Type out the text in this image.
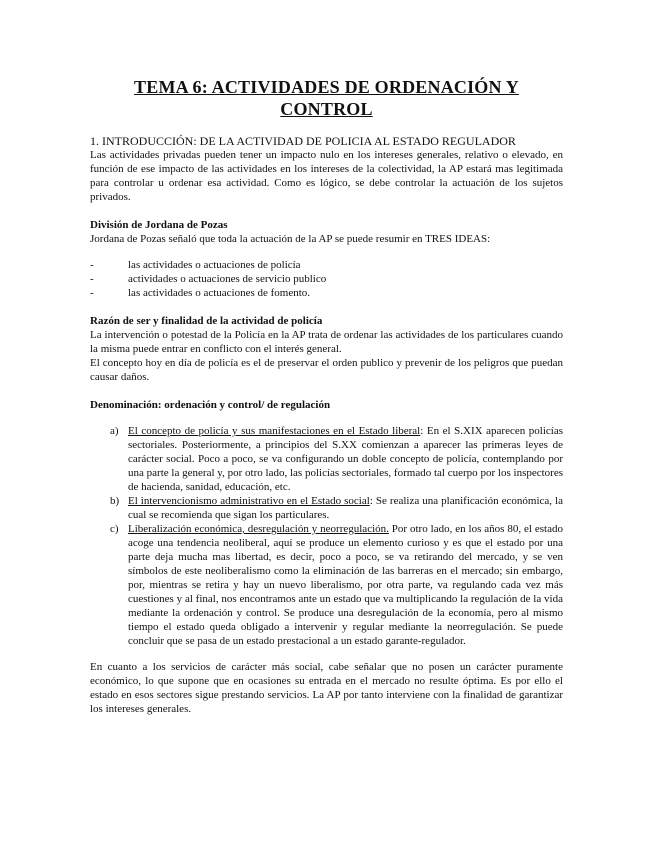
TEMA 6: ACTIVIDADES DE ORDENACIÓN Y CONTROL
1. INTRODUCCIÓN: DE LA ACTIVIDAD DE POLICIA AL ESTADO REGULADOR

Las actividades privadas pueden tener un impacto nulo en los intereses generales, relativo o elevado, en función de ese impacto de las actividades en los intereses de la colectividad, la AP estará mas legitimada para controlar u ordenar esa actividad. Como es lógico, se debe controlar la actuación de los sujetos privados.

División de Jordana de Pozas

Jordana de Pozas señaló que toda la actuación de la AP se puede resumir en TRES IDEAS:

-	las actividades o actuaciones de policía
-	actividades o actuaciones de servicio publico
-	las actividades o actuaciones de fomento.
Razón de ser y finalidad de la actividad de policía

La intervención o potestad de la Policía en la AP trata de ordenar las actividades de los particulares cuando la misma puede entrar en conflicto con el interés general.

El concepto hoy en día de policía es el de preservar el orden publico y prevenir de los peligros que puedan causar daños.

Denominación: ordenación y control/ de regulación
a) El concepto de policía y sus manifestaciones en el Estado liberal: En el S.XIX aparecen policías sectoriales. Posteriormente, a principios del S.XX comienzan a aparecer las primeras leyes de carácter social. Poco a poco, se va configurando un doble concepto de policía, contemplando por una parte la general y, por otro lado, las policías sectoriales, formado tal cuerpo por los inspectores de hacienda, sanidad, educación, etc.
b) El intervencionismo administrativo en el Estado social: Se realiza una planificación económica, la cual se recomienda que sigan los particulares.
c) Liberalización económica, desregulación y neorregulación. Por otro lado, en los años 80, el estado acoge una tendencia neoliberal, aquí se produce un elemento curioso y es que el estado por una parte deja mucha mas libertad, es decir, poco a poco, se va retirando del mercado, y se ven símbolos de este neoliberalismo como la eliminación de las barreras en el mercado; sin embargo, por, mientras se retira y hay un nuevo liberalismo, por otra parte, va regulando cada vez más cuestiones y al final, nos encontramos ante un estado que va multiplicando la regulación de la vida mediante la ordenación y control. Se produce una desregulación de la economía, pero al mismo tiempo el estado queda obligado a intervenir y regular mediante la neorregulación. Se puede concluir que se pasa de un estado prestacional a un estado garante-regulador.

En cuanto a los servicios de carácter más social, cabe señalar que no posen un carácter puramente económico, lo que supone que en ocasiones su entrada en el mercado no resulte óptima. Es por ello el estado en esos sectores sigue prestando servicios. La AP por tanto interviene con la finalidad de garantizar los intereses generales.
